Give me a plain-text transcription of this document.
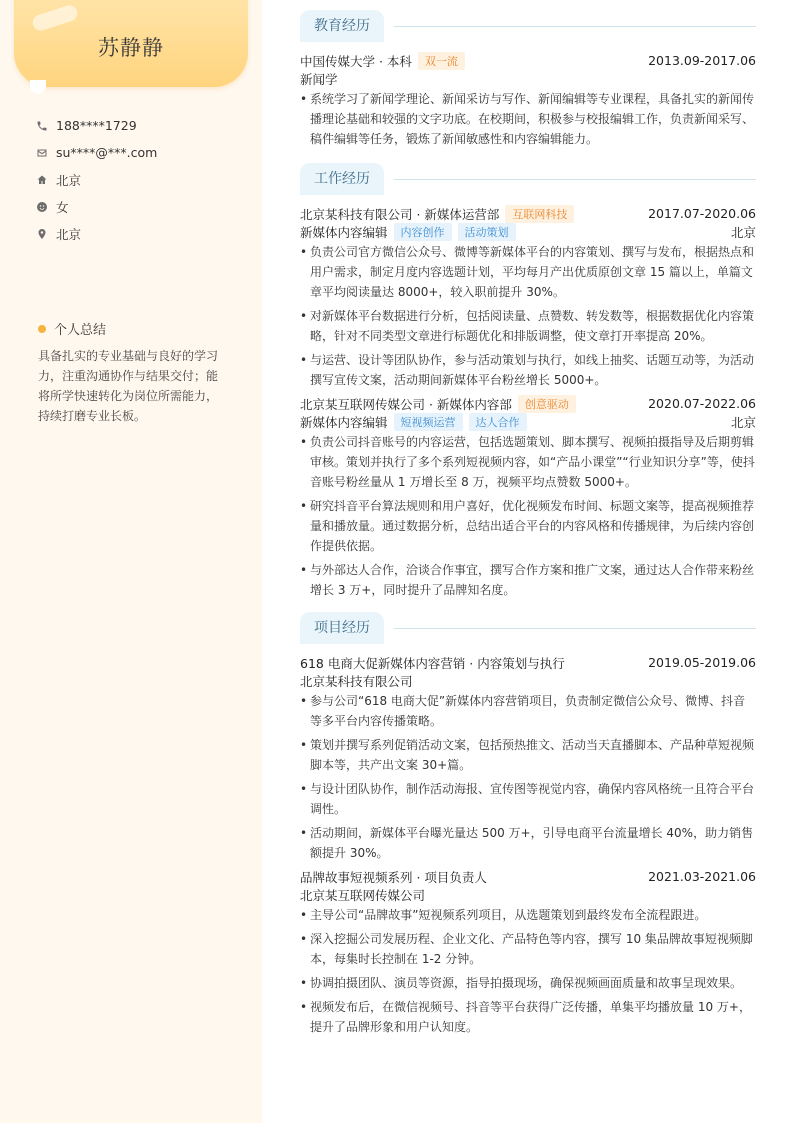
苏静静
188****1729
su****@***.com
北京
女
北京
个人总结
具备扎实的专业基础与良好的学习力，注重沟通协作与结果交付；能将所学快速转化为岗位所需能力，持续打磨专业长板。
教育经历
中国传媒大学 · 本科	双一流	2013.09-2017.06
新闻学
• 系统学习了新闻学理论、新闻采访与写作、新闻编辑等专业课程，具备扎实的新闻传播理论基础和较强的文字功底。在校期间，积极参与校报编辑工作，负责新闻采写、稿件编辑等任务，锻炼了新闻敏感性和内容编辑能力。
工作经历
北京某科技有限公司 · 新媒体运营部	互联网科技	2017.07-2020.06
新媒体内容编辑	内容创作	活动策划	北京
• 负责公司官方微信公众号、微博等新媒体平台的内容策划、撰写与发布，根据热点和用户需求，制定月度内容选题计划，平均每月产出优质原创文章 15 篇以上，单篇文章平均阅读量达 8000+，较入职前提升 30%。
• 对新媒体平台数据进行分析，包括阅读量、点赞数、转发数等，根据数据优化内容策略，针对不同类型文章进行标题优化和排版调整，使文章打开率提高 20%。
• 与运营、设计等团队协作，参与活动策划与执行，如线上抽奖、话题互动等，为活动撰写宣传文案，活动期间新媒体平台粉丝增长 5000+。
北京某互联网传媒公司 · 新媒体内容部	创意驱动	2020.07-2022.06
新媒体内容编辑	短视频运营	达人合作	北京
• 负责公司抖音账号的内容运营，包括选题策划、脚本撰写、视频拍摄指导及后期剪辑审核。策划并执行了多个系列短视频内容，如“产品小课堂”“行业知识分享”等，使抖音账号粉丝量从 1 万增长至 8 万，视频平均点赞数 5000+。
• 研究抖音平台算法规则和用户喜好，优化视频发布时间、标题文案等，提高视频推荐量和播放量。通过数据分析，总结出适合平台的内容风格和传播规律，为后续内容创作提供依据。
• 与外部达人合作，洽谈合作事宜，撰写合作方案和推广文案，通过达人合作带来粉丝增长 3 万+，同时提升了品牌知名度。
项目经历
618 电商大促新媒体内容营销 · 内容策划与执行	2019.05-2019.06
北京某科技有限公司
• 参与公司“618 电商大促”新媒体内容营销项目，负责制定微信公众号、微博、抖音等多平台内容传播策略。
• 策划并撰写系列促销活动文案，包括预热推文、活动当天直播脚本、产品种草短视频脚本等，共产出文案 30+篇。
• 与设计团队协作，制作活动海报、宣传图等视觉内容，确保内容风格统一且符合平台调性。
• 活动期间，新媒体平台曝光量达 500 万+，引导电商平台流量增长 40%，助力销售额提升 30%。
品牌故事短视频系列 · 项目负责人	2021.03-2021.06
北京某互联网传媒公司
• 主导公司“品牌故事”短视频系列项目，从选题策划到最终发布全流程跟进。
• 深入挖掘公司发展历程、企业文化、产品特色等内容，撰写 10 集品牌故事短视频脚本，每集时长控制在 1-2 分钟。
• 协调拍摄团队、演员等资源，指导拍摄现场，确保视频画面质量和故事呈现效果。
• 视频发布后，在微信视频号、抖音等平台获得广泛传播，单集平均播放量 10 万+，提升了品牌形象和用户认知度。
